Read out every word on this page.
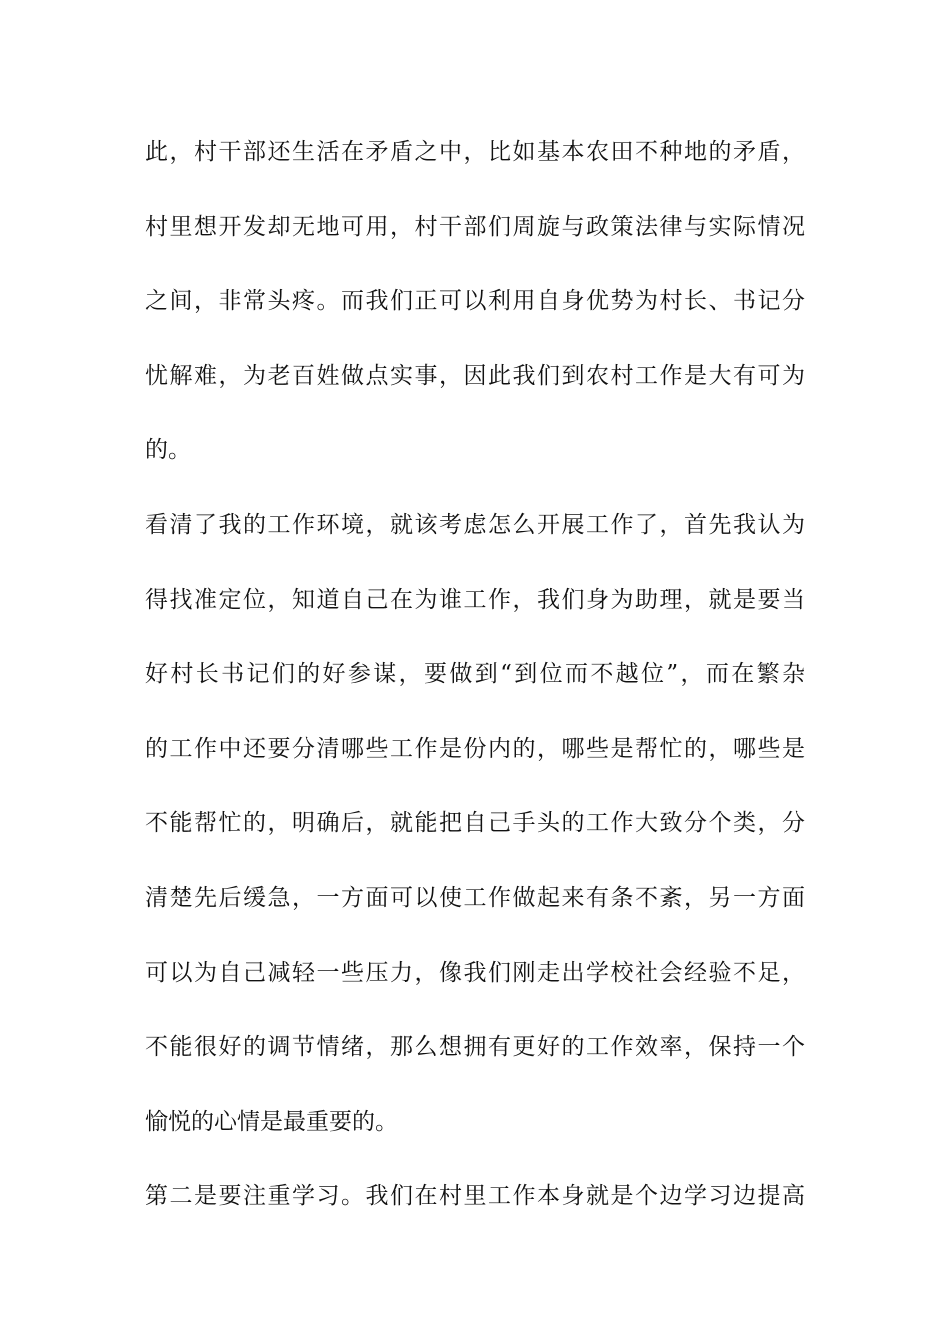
此，村干部还生活在矛盾之中，比如基本农田不种地的矛盾，
村里想开发却无地可用，村干部们周旋与政策法律与实际情况
之间，非常头疼。而我们正可以利用自身优势为村长、书记分
忧解难，为老百姓做点实事，因此我们到农村工作是大有可为
的。
看清了我的工作环境，就该考虑怎么开展工作了，首先我认为
得找准定位，知道自己在为谁工作，我们身为助理，就是要当
好村长书记们的好参谋，要做到“到位而不越位”，而在繁杂
的工作中还要分清哪些工作是份内的，哪些是帮忙的，哪些是
不能帮忙的，明确后，就能把自己手头的工作大致分个类，分
清楚先后缓急，一方面可以使工作做起来有条不紊，另一方面
可以为自己减轻一些压力，像我们刚走出学校社会经验不足，
不能很好的调节情绪，那么想拥有更好的工作效率，保持一个
愉悦的心情是最重要的。
第二是要注重学习。我们在村里工作本身就是个边学习边提高
